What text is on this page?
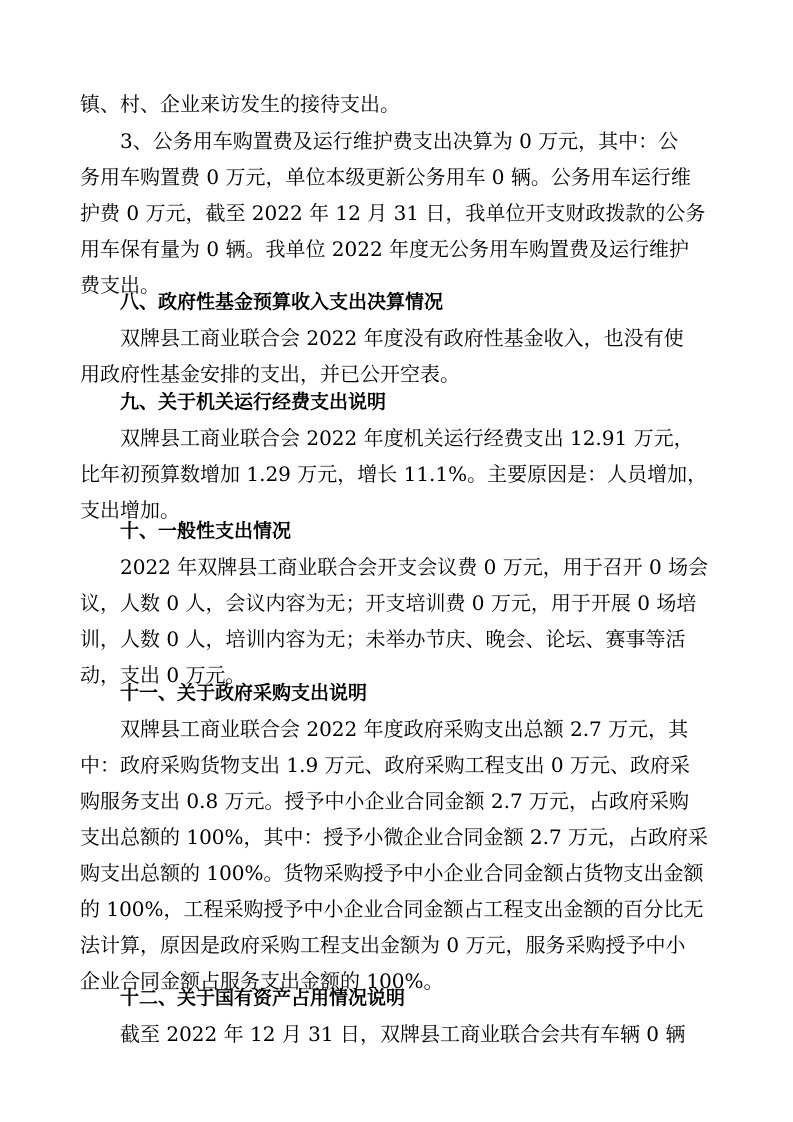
镇、村、企业来访发生的接待支出。
3、公务用车购置费及运行维护费支出决算为 0 万元，其中：公
务用车购置费 0 万元，单位本级更新公务用车 0 辆。公务用车运行维
护费 0 万元，截至 2022 年 12 月 31 日，我单位开支财政拨款的公务
用车保有量为 0 辆。我单位 2022 年度无公务用车购置费及运行维护
费支出。
八、政府性基金预算收入支出决算情况
双牌县工商业联合会 2022 年度没有政府性基金收入，也没有使
用政府性基金安排的支出，并已公开空表。
九、关于机关运行经费支出说明
双牌县工商业联合会 2022 年度机关运行经费支出 12.91 万元，
比年初预算数增加 1.29 万元，增长 11.1%。主要原因是：人员增加，
支出增加。
十、一般性支出情况
2022 年双牌县工商业联合会开支会议费 0 万元，用于召开 0 场会
议，人数 0 人，会议内容为无；开支培训费 0 万元，用于开展 0 场培
训，人数 0 人，培训内容为无；未举办节庆、晚会、论坛、赛事等活
动，支出 0 万元。
十一、关于政府采购支出说明
双牌县工商业联合会 2022 年度政府采购支出总额 2.7 万元，其
中：政府采购货物支出 1.9 万元、政府采购工程支出 0 万元、政府采
购服务支出 0.8 万元。授予中小企业合同金额 2.7 万元，占政府采购
支出总额的 100%，其中：授予小微企业合同金额 2.7 万元，占政府采
购支出总额的 100%。货物采购授予中小企业合同金额占货物支出金额
的 100%，工程采购授予中小企业合同金额占工程支出金额的百分比无
法计算，原因是政府采购工程支出金额为 0 万元，服务采购授予中小
企业合同金额占服务支出金额的 100%。
十二、关于国有资产占用情况说明
截至 2022 年 12 月 31 日，双牌县工商业联合会共有车辆 0 辆
